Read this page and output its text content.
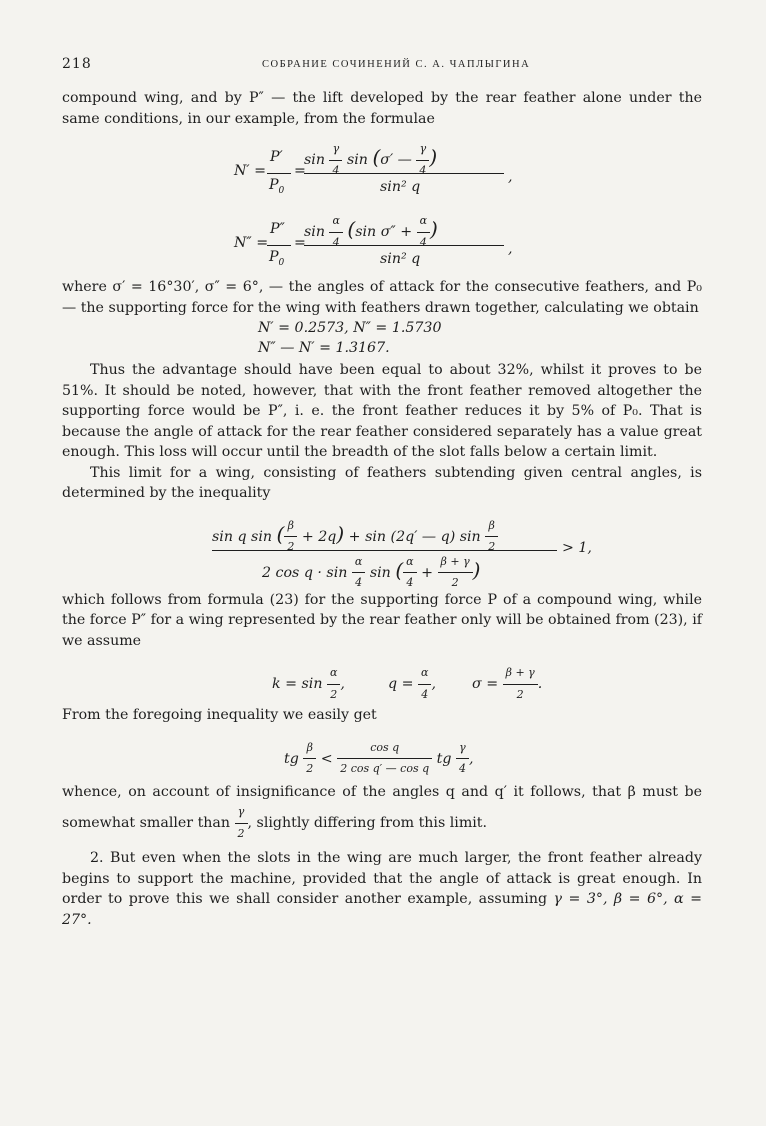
218	СОБРАНИЕ СОЧИНЕНИЙ С. А. ЧАПЛЫГИНА

compound wing, and by P″ — the lift developed by the rear feather alone under the same conditions, in our example, from the formulae

$\sin \frac{\gamma}{4}$ sin (σ′ — $\frac{\gamma}{4}$ )
sin² q
,
N′ =
P′
$P_0$
=
$\sin \frac{\alpha}{4} (\sin$ $\sigma'' + \frac{\alpha}{4}$ )
sin² q
,
N″ =
P″
$P_0$
=

where σ′ = 16°30′, σ″ = 6°, — the angles of attack for the consecutive feathers, and P₀ — the supporting force for the wing with feathers drawn together, calculating we obtain

N′ = 0.2573, N″ = 1.5730
N″ — N′ = 1.3167.

Thus the advantage should have been equal to about 32%, whilst it proves to be 51%. It should be noted, however, that with the front feather removed altogether the supporting force would be P″, i. e. the front feather reduces it by 5% of P₀. That is because the angle of attack for the rear feather considered separately has a value great enough. This loss will occur until the breadth of the slot falls below a certain limit.

This limit for a wing, consisting of feathers subtending given central angles, is determined by the inequality

sin q sin ( $\frac{\beta}{2} + 2q) + \sin (2q'$ — q) $\sin \frac{\beta}{2}$
2 $\cos q \cdot \sin \frac{\alpha}{4}$ sin ( $\frac{\alpha}{4} + \frac{\beta + \gamma}{2}$ )
> 1,

which follows from formula (23) for the supporting force P of a compound wing, while the force P″ for a wing represented by the rear feather only will be obtained from (23), if we assume

$k = \sin \frac{\alpha}{2}$ ,	$q = \frac{\alpha}{4}$ ,	$\sigma = \frac{\beta + \gamma}{2}$ .

From the foregoing inequality we easily get

tg $\frac{\beta}{2} < \frac{\text{cos q}}{\text{2 cos q′ — cos q}}$ tg $\frac{\gamma}{4}$ ,

whence, on account of insignificance of the angles q and q′ it follows, that β must be somewhat smaller than $\frac{\gamma}{2}$ , slightly differing from this limit.

2. But even when the slots in the wing are much larger, the front feather already begins to support the machine, provided that the angle of attack is great enough. In order to prove this we shall consider another example, assuming γ = 3°, β = 6°, α = 27°.
